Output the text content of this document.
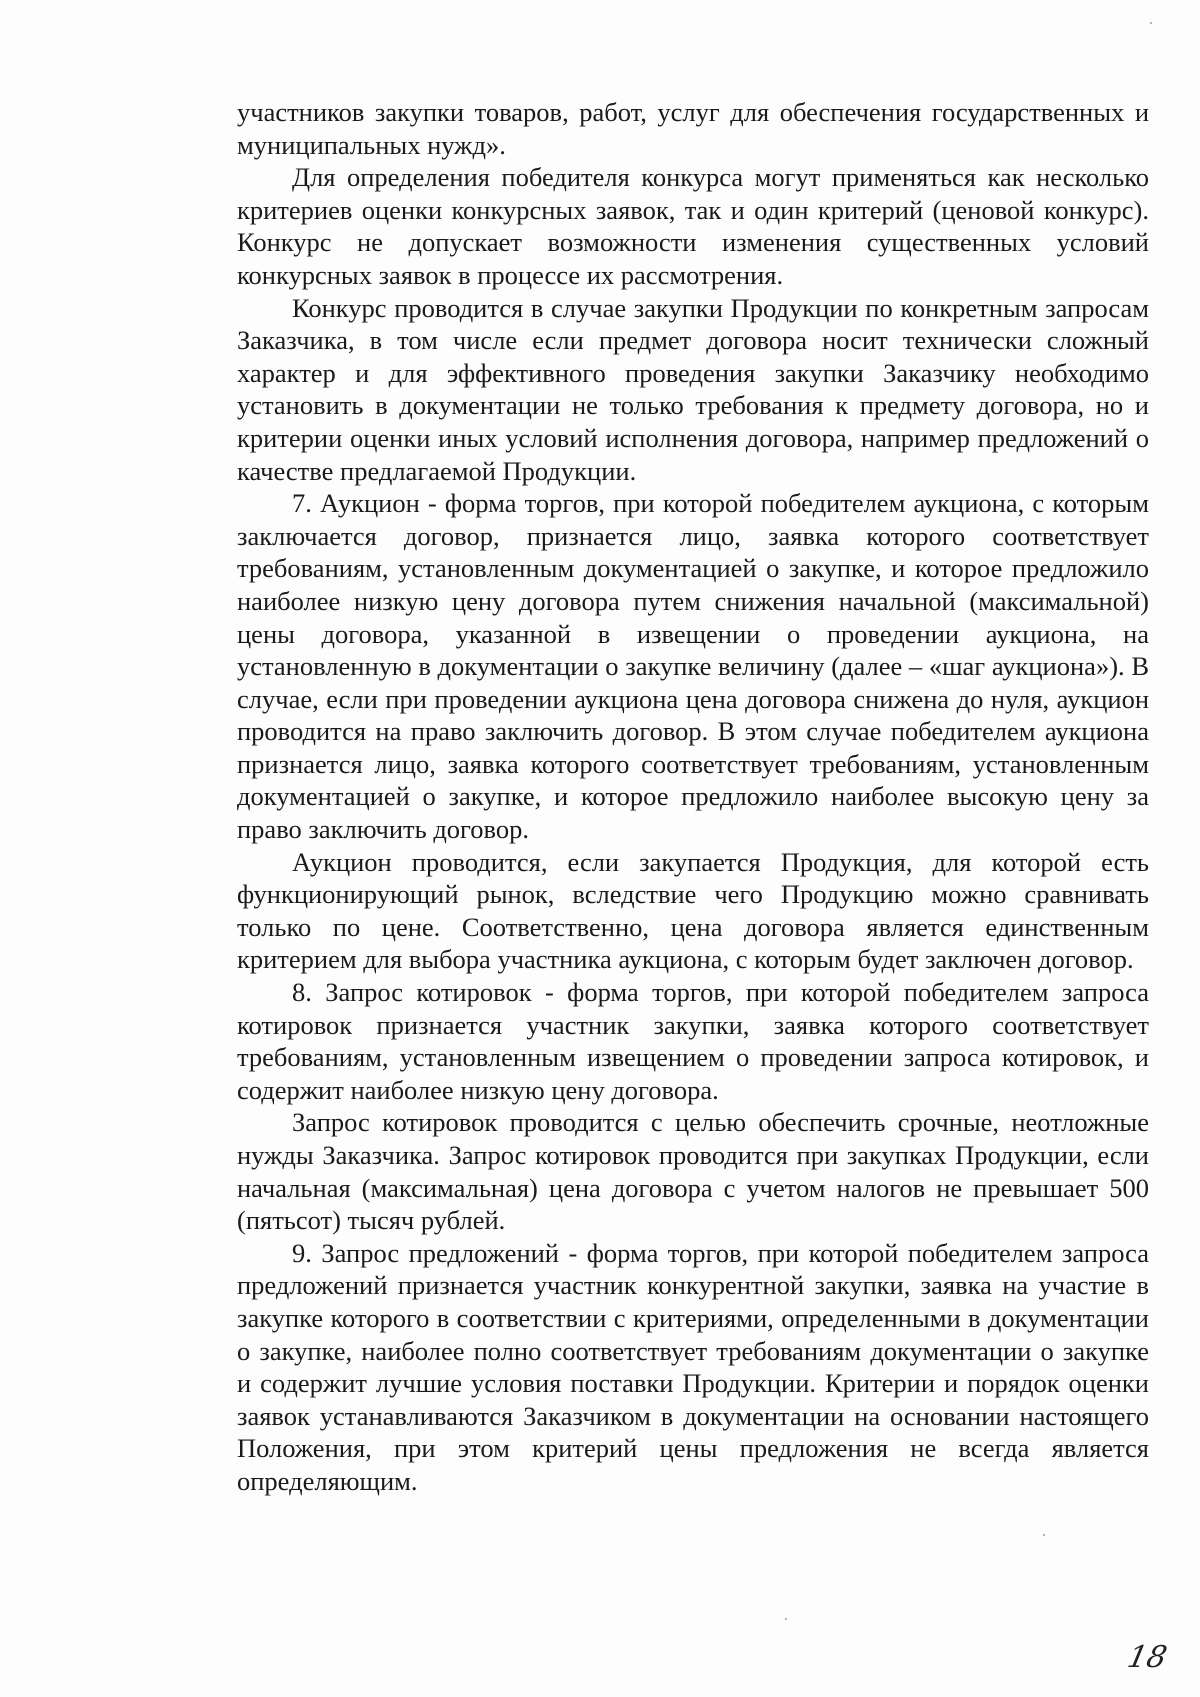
участников закупки товаров, работ, услуг для обеспечения государственных и муниципальных нужд».

Для определения победителя конкурса могут применяться как несколько критериев оценки конкурсных заявок, так и один критерий (ценовой конкурс). Конкурс не допускает возможности изменения существенных условий конкурсных заявок в процессе их рассмотрения.

Конкурс проводится в случае закупки Продукции по конкретным запросам Заказчика, в том числе если предмет договора носит технически сложный характер и для эффективного проведения закупки Заказчику необходимо установить в документации не только требования к предмету договора, но и критерии оценки иных условий исполнения договора, например предложений о качестве предлагаемой Продукции.

7. Аукцион - форма торгов, при которой победителем аукциона, с которым заключается договор, признается лицо, заявка которого соответствует требованиям, установленным документацией о закупке, и которое предложило наиболее низкую цену договора путем снижения начальной (максимальной) цены договора, указанной в извещении о проведении аукциона, на установленную в документации о закупке величину (далее – «шаг аукциона»). В случае, если при проведении аукциона цена договора снижена до нуля, аукцион проводится на право заключить договор. В этом случае победителем аукциона признается лицо, заявка которого соответствует требованиям, установленным документацией о закупке, и которое предложило наиболее высокую цену за право заключить договор.

Аукцион проводится, если закупается Продукция, для которой есть функционирующий рынок, вследствие чего Продукцию можно сравнивать только по цене. Соответственно, цена договора является единственным критерием для выбора участника аукциона, с которым будет заключен договор.

8. Запрос котировок - форма торгов, при которой победителем запроса котировок признается участник закупки, заявка которого соответствует требованиям, установленным извещением о проведении запроса котировок, и содержит наиболее низкую цену договора.

Запрос котировок проводится с целью обеспечить срочные, неотложные нужды Заказчика. Запрос котировок проводится при закупках Продукции, если начальная (максимальная) цена договора с учетом налогов не превышает 500 (пятьсот) тысяч рублей.

9. Запрос предложений - форма торгов, при которой победителем запроса предложений признается участник конкурентной закупки, заявка на участие в закупке которого в соответствии с критериями, определенными в документации о закупке, наиболее полно соответствует требованиям документации о закупке и содержит лучшие условия поставки Продукции. Критерии и порядок оценки заявок устанавливаются Заказчиком в документации на основании настоящего Положения, при этом критерий цены предложения не всегда является определяющим.

18
